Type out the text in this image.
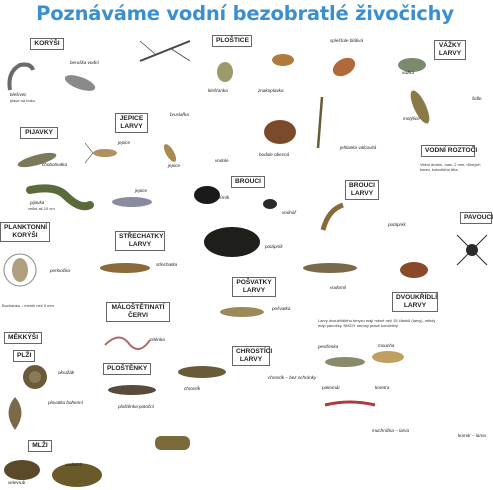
Poznáváme vodní bezobratlé živočichy
KORÝŠI
PIJAVKY
JEPICE
LARVY
PLOŠTICE
VÁŽKY
LARVY
VODNÍ ROZTOČI
BROUCI
BROUCI
LARVY
PLANKTONNÍ
KORÝŠI	STŘECHATKY
LARVY
POŠVATKY
LARVY
MÁLOŠTĚTINATÍ
ČERVI
DVOUKŘÍDLÍ
LARVY
MĚKKÝŠI
PLŽI
PLOŠTĚNKY
CHROSTÍCI
LARVY
MLŽI
PAVOUCI
beruška vodní
blešivec
plave na boku
chobotnatka
pijavka
velké až 10 cm
jepice
jepice
jepice
klešťanka	znakoplavka
splešťule blátivá
bruslařka
jehlanka válcovitá
vážka
motýlice
šidlo
bodule obecná
vodule
vodnář
potápník
potápník
vírník
vodomil
perloočka
Buchanka – menší než 3 mm
střechatka
pošvatka
nitěnka
chrostík
chrostík – bez schránky
pakomár
pestřenka	moucha
koretra
muchnička – larva
komár – larva
okružák
plovatka bahenní
ploštěnka potoční
velevrub
vodouch
Velmi drobní, max. 2 mm, různých barev, kulovitého těla.
Larvy dvoukřídlého hmyzu mají méně než 15 článků (larvy), někdy mají panožky, NIKDY nemají pravé končetiny.
